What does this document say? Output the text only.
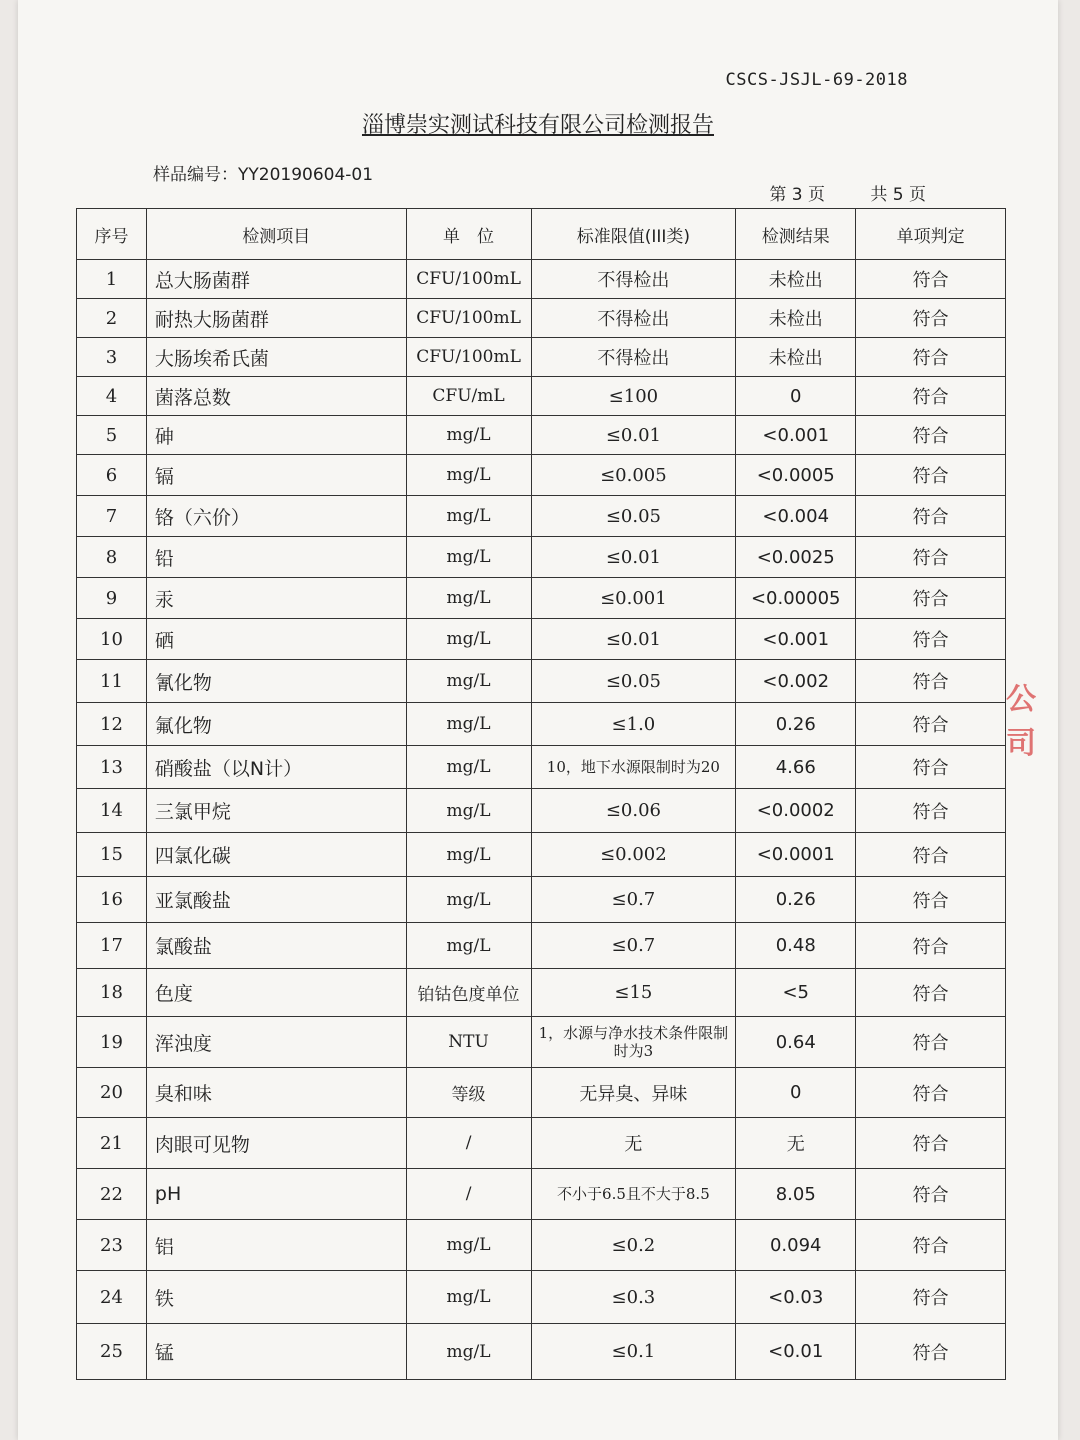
CSCS-JSJL-69-2018
淄博崇实测试科技有限公司检测报告
样品编号：YY20190604-01
第 3 页	共 5 页
序号	检测项目	单　位	标准限值(III类)	检测结果	单项判定
1	总大肠菌群	CFU/100mL	不得检出	未检出	符合
2	耐热大肠菌群	CFU/100mL	不得检出	未检出	符合
3	大肠埃希氏菌	CFU/100mL	不得检出	未检出	符合
4	菌落总数	CFU/mL	≤100	0	符合
5	砷	mg/L	≤0.01	<0.001	符合
6	镉	mg/L	≤0.005	<0.0005	符合
7	铬（六价）	mg/L	≤0.05	<0.004	符合
8	铅	mg/L	≤0.01	<0.0025	符合
9	汞	mg/L	≤0.001	<0.00005	符合
10	硒	mg/L	≤0.01	<0.001	符合
11	氰化物	mg/L	≤0.05	<0.002	符合
12	氟化物	mg/L	≤1.0	0.26	符合
13	硝酸盐（以N计）	mg/L	10，地下水源限制时为20	4.66	符合
14	三氯甲烷	mg/L	≤0.06	<0.0002	符合
15	四氯化碳	mg/L	≤0.002	<0.0001	符合
16	亚氯酸盐	mg/L	≤0.7	0.26	符合
17	氯酸盐	mg/L	≤0.7	0.48	符合
18	色度	铂钴色度单位	≤15	<5	符合
19	浑浊度	NTU	1，水源与净水技术条件限制时为3	0.64	符合
20	臭和味	等级	无异臭、异味	0	符合
21	肉眼可见物	/	无	无	符合
22	pH	/	不小于6.5且不大于8.5	8.05	符合
23	铝	mg/L	≤0.2	0.094	符合
24	铁	mg/L	≤0.3	<0.03	符合
25	锰	mg/L	≤0.1	<0.01	符合
公司
